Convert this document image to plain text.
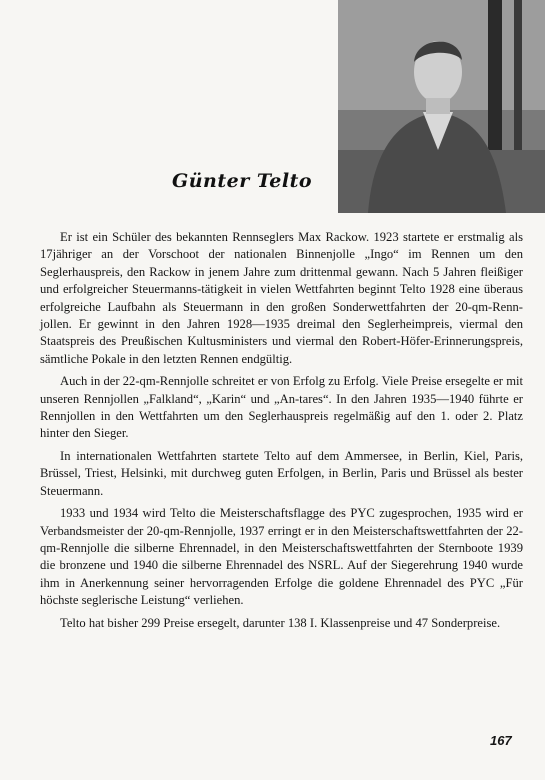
Günter Telto

Er ist ein Schüler des bekannten Rennseglers Max Rackow. 1923 startete er erstmalig als 17jähriger an der Vorschoot der nationalen Binnenjolle „Ingo“ im Rennen um den Seglerhauspreis, den Rackow in jenem Jahre zum drittenmal gewann. Nach 5 Jahren fleißiger und erfolgreicher Steuermanns-tätigkeit in vielen Wettfahrten beginnt Telto 1928 eine überaus erfolgreiche Laufbahn als Steuermann in den großen Sonderwettfahrten der 20-qm-Renn-jollen. Er gewinnt in den Jahren 1928—1935 dreimal den Seglerheimpreis, viermal den Staatspreis des Preußischen Kultusministers und viermal den Robert-Höfer-Erinnerungspreis, sämtliche Pokale in den letzten Rennen endgültig.

Auch in der 22-qm-Rennjolle schreitet er von Erfolg zu Erfolg. Viele Preise ersegelte er mit unseren Rennjollen „Falkland“, „Karin“ und „An-tares“. In den Jahren 1935—1940 führte er Rennjollen in den Wettfahrten um den Seglerhauspreis regelmäßig auf den 1. oder 2. Platz hinter den Sieger.

In internationalen Wettfahrten startete Telto auf dem Ammersee, in Berlin, Kiel, Paris, Brüssel, Triest, Helsinki, mit durchweg guten Erfolgen, in Berlin, Paris und Brüssel als bester Steuermann.

1933 und 1934 wird Telto die Meisterschaftsflagge des PYC zugesprochen, 1935 wird er Verbandsmeister der 20-qm-Rennjolle, 1937 erringt er in den Meisterschaftswettfahrten der 22-qm-Rennjolle die silberne Ehrennadel, in den Meisterschaftswettfahrten der Sternboote 1939 die bronzene und 1940 die silberne Ehrennadel des NSRL. Auf der Siegerehrung 1940 wurde ihm in Anerkennung seiner hervorragenden Erfolge die goldene Ehrennadel des PYC „Für höchste seglerische Leistung“ verliehen.

Telto hat bisher 299 Preise ersegelt, darunter 138 I. Klassenpreise und 47 Sonderpreise.

167
